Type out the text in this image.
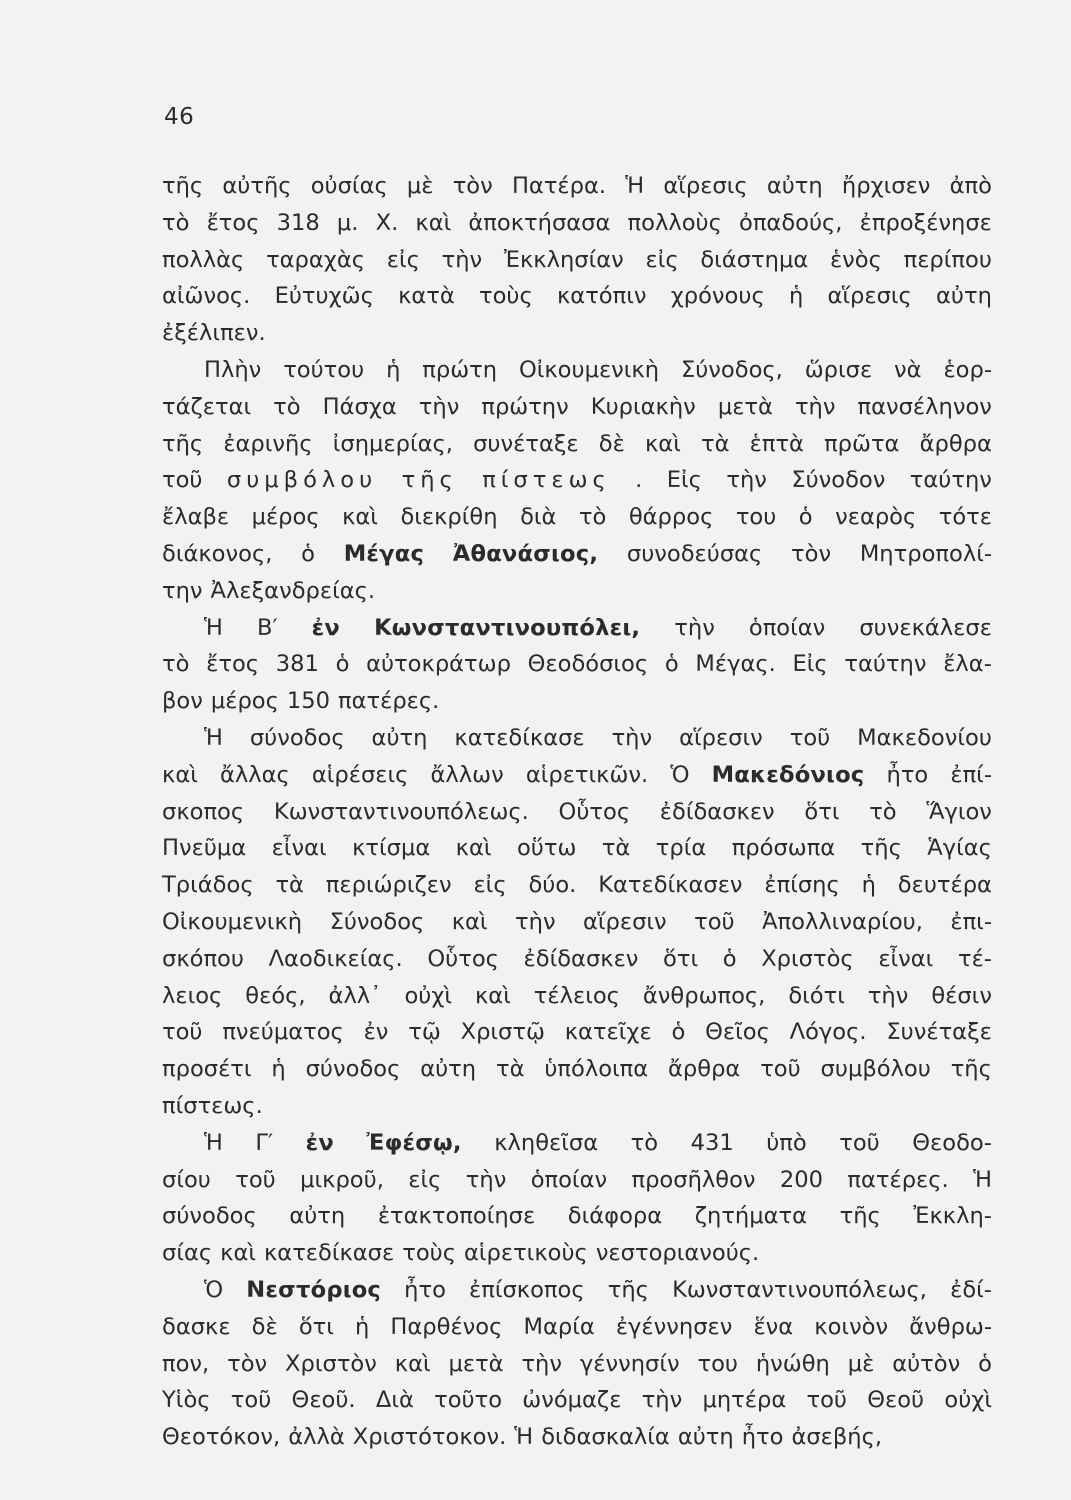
46
τῆς αὐτῆς οὐσίας μὲ τὸν Πατέρα. Ἡ αἵρεσις αὐτη ἤρχισεν ἀπὸ
τὸ ἔτος 318 μ. Χ. καὶ ἀποκτήσασα πολλοὺς ὀπαδούς, ἐπροξένησε
πολλὰς ταραχὰς εἰς τὴν Ἐκκλησίαν εἰς διάστημα ἑνὸς περίπου
αἰῶνος. Εὐτυχῶς κατὰ τοὺς κατόπιν χρόνους ἡ αἵρεσις αὐτη
ἐξέλιπεν.
Πλὴν τούτου ἡ πρώτη Οἰκουμενικὴ Σύνοδος, ὥρισε νὰ ἑορ-
τάζεται τὸ Πάσχα τὴν πρώτην Κυριακὴν μετὰ τὴν πανσέληνον
τῆς ἐαρινῆς ἰσημερίας, συνέταξε δὲ καὶ τὰ ἑπτὰ πρῶτα ἄρθρα
τοῦ συμβόλου τῆς πίστεως . Εἰς τὴν Σύνοδον ταύτην
ἔλαβε μέρος καὶ διεκρίθη διὰ τὸ θάρρος του ὁ νεαρὸς τότε
διάκονος, ὁ Μέγας Ἀθανάσιος, συνοδεύσας τὸν Μητροπολί-
την Ἀλεξανδρείας.
Ἡ Β′ ἐν Κωνσταντινουπόλει, τὴν ὁποίαν συνεκάλεσε
τὸ ἔτος 381 ὁ αὐτοκράτωρ Θεοδόσιος ὁ Μέγας. Εἰς ταύτην ἔλα-
βον μέρος 150 πατέρες.
Ἡ σύνοδος αὐτη κατεδίκασε τὴν αἵρεσιν τοῦ Μακεδονίου
καὶ ἄλλας αἱρέσεις ἄλλων αἱρετικῶν. Ὁ Μακεδόνιος ἦτο ἐπί-
σκοπος Κωνσταντινουπόλεως. Οὗτος ἐδίδασκεν ὅτι τὸ Ἅγιον
Πνεῦμα εἶναι κτίσμα καὶ οὕτω τὰ τρία πρόσωπα τῆς Ἁγίας
Τριάδος τὰ περιώριζεν εἰς δύο. Κατεδίκασεν ἐπίσης ἡ δευτέρα
Οἰκουμενικὴ Σύνοδος καὶ τὴν αἵρεσιν τοῦ Ἀπολλιναρίου, ἐπι-
σκόπου Λαοδικείας. Οὗτος ἐδίδασκεν ὅτι ὁ Χριστὸς εἶναι τέ-
λειος θεός, ἀλλ᾽ οὐχὶ καὶ τέλειος ἄνθρωπος, διότι τὴν θέσιν
τοῦ πνεύματος ἐν τῷ Χριστῷ κατεῖχε ὁ Θεῖος Λόγος. Συνέταξε
προσέτι ἡ σύνοδος αὐτη τὰ ὑπόλοιπα ἄρθρα τοῦ συμβόλου τῆς
πίστεως.
Ἡ Γ′ ἐν Ἐφέσῳ, κληθεῖσα τὸ 431 ὑπὸ τοῦ Θεοδο-
σίου τοῦ μικροῦ, εἰς τὴν ὁποίαν προσῆλθον 200 πατέρες. Ἡ
σύνοδος αὐτη ἐτακτοποίησε διάφορα ζητήματα τῆς Ἐκκλη-
σίας καὶ κατεδίκασε τοὺς αἱρετικοὺς νεστοριανούς.
Ὁ Νεστόριος ἦτο ἐπίσκοπος τῆς Κωνσταντινουπόλεως, ἐδί-
δασκε δὲ ὅτι ἡ Παρθένος Μαρία ἐγέννησεν ἕνα κοινὸν ἄνθρω-
πον, τὸν Χριστὸν καὶ μετὰ τὴν γέννησίν του ἡνώθη μὲ αὐτὸν ὁ
Υἱὸς τοῦ Θεοῦ. Διὰ τοῦτο ὠνόμαζε τὴν μητέρα τοῦ Θεοῦ οὐχὶ
Θεοτόκον, ἀλλὰ Χριστότοκον. Ἡ διδασκαλία αὐτη ἦτο ἀσεβής,
